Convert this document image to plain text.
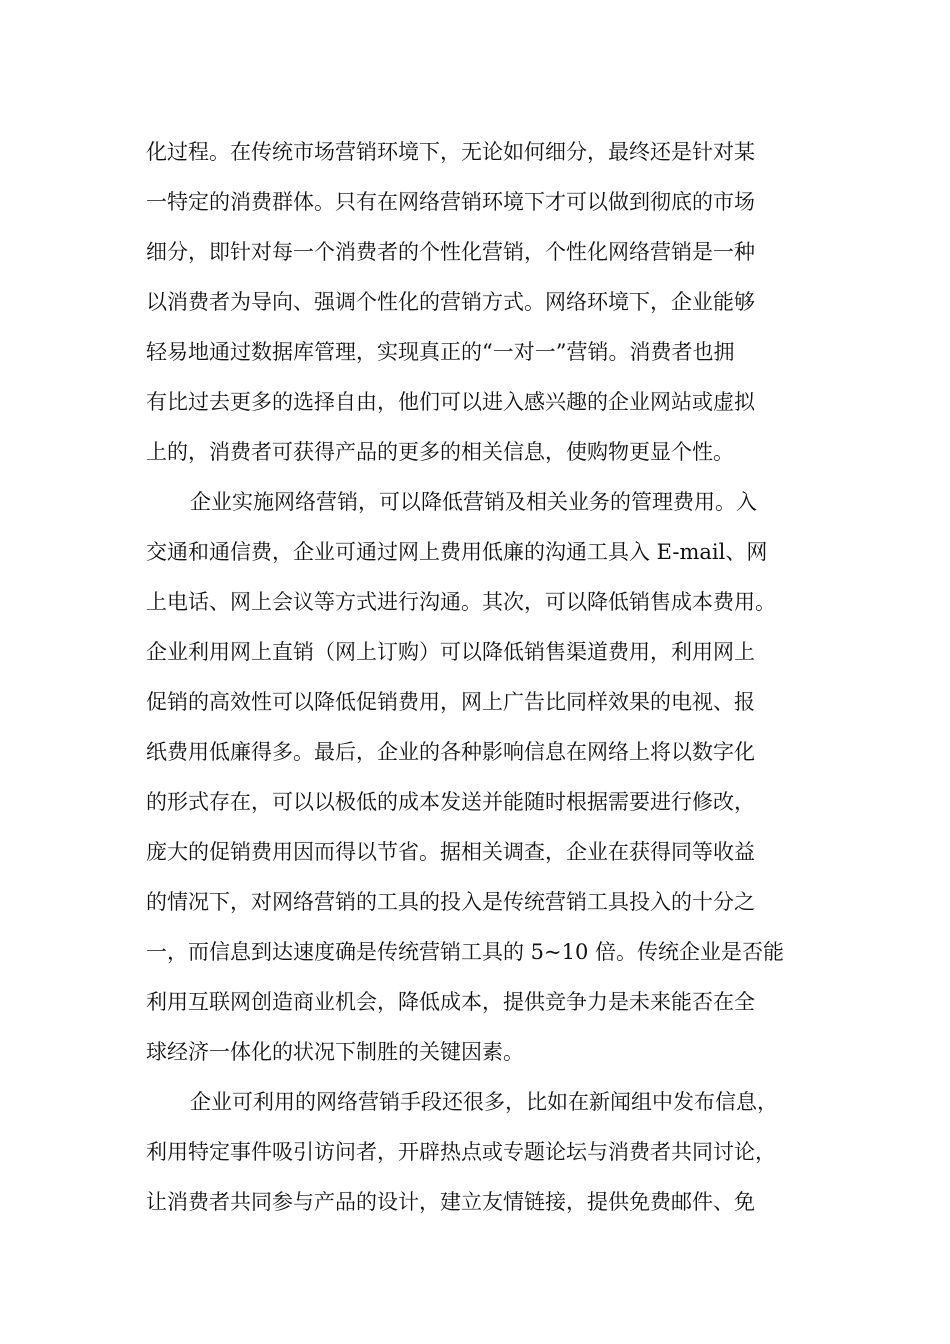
化过程。在传统市场营销环境下，无论如何细分，最终还是针对某
一特定的消费群体。只有在网络营销环境下才可以做到彻底的市场
细分，即针对每一个消费者的个性化营销，个性化网络营销是一种
以消费者为导向、强调个性化的营销方式。网络环境下，企业能够
轻易地通过数据库管理，实现真正的“一对一”营销。消费者也拥
有比过去更多的选择自由，他们可以进入感兴趣的企业网站或虚拟
上的，消费者可获得产品的更多的相关信息，使购物更显个性。
企业实施网络营销，可以降低营销及相关业务的管理费用。入
交通和通信费，企业可通过网上费用低廉的沟通工具入 E-mail、网
上电话、网上会议等方式进行沟通。其次，可以降低销售成本费用。
企业利用网上直销（网上订购）可以降低销售渠道费用，利用网上
促销的高效性可以降低促销费用，网上广告比同样效果的电视、报
纸费用低廉得多。最后，企业的各种影响信息在网络上将以数字化
的形式存在，可以以极低的成本发送并能随时根据需要进行修改，
庞大的促销费用因而得以节省。据相关调查，企业在获得同等收益
的情况下，对网络营销的工具的投入是传统营销工具投入的十分之
一，而信息到达速度确是传统营销工具的 5~10 倍。传统企业是否能
利用互联网创造商业机会，降低成本，提供竞争力是未来能否在全
球经济一体化的状况下制胜的关键因素。
企业可利用的网络营销手段还很多，比如在新闻组中发布信息，
利用特定事件吸引访问者，开辟热点或专题论坛与消费者共同讨论，
让消费者共同参与产品的设计，建立友情链接，提供免费邮件、免
